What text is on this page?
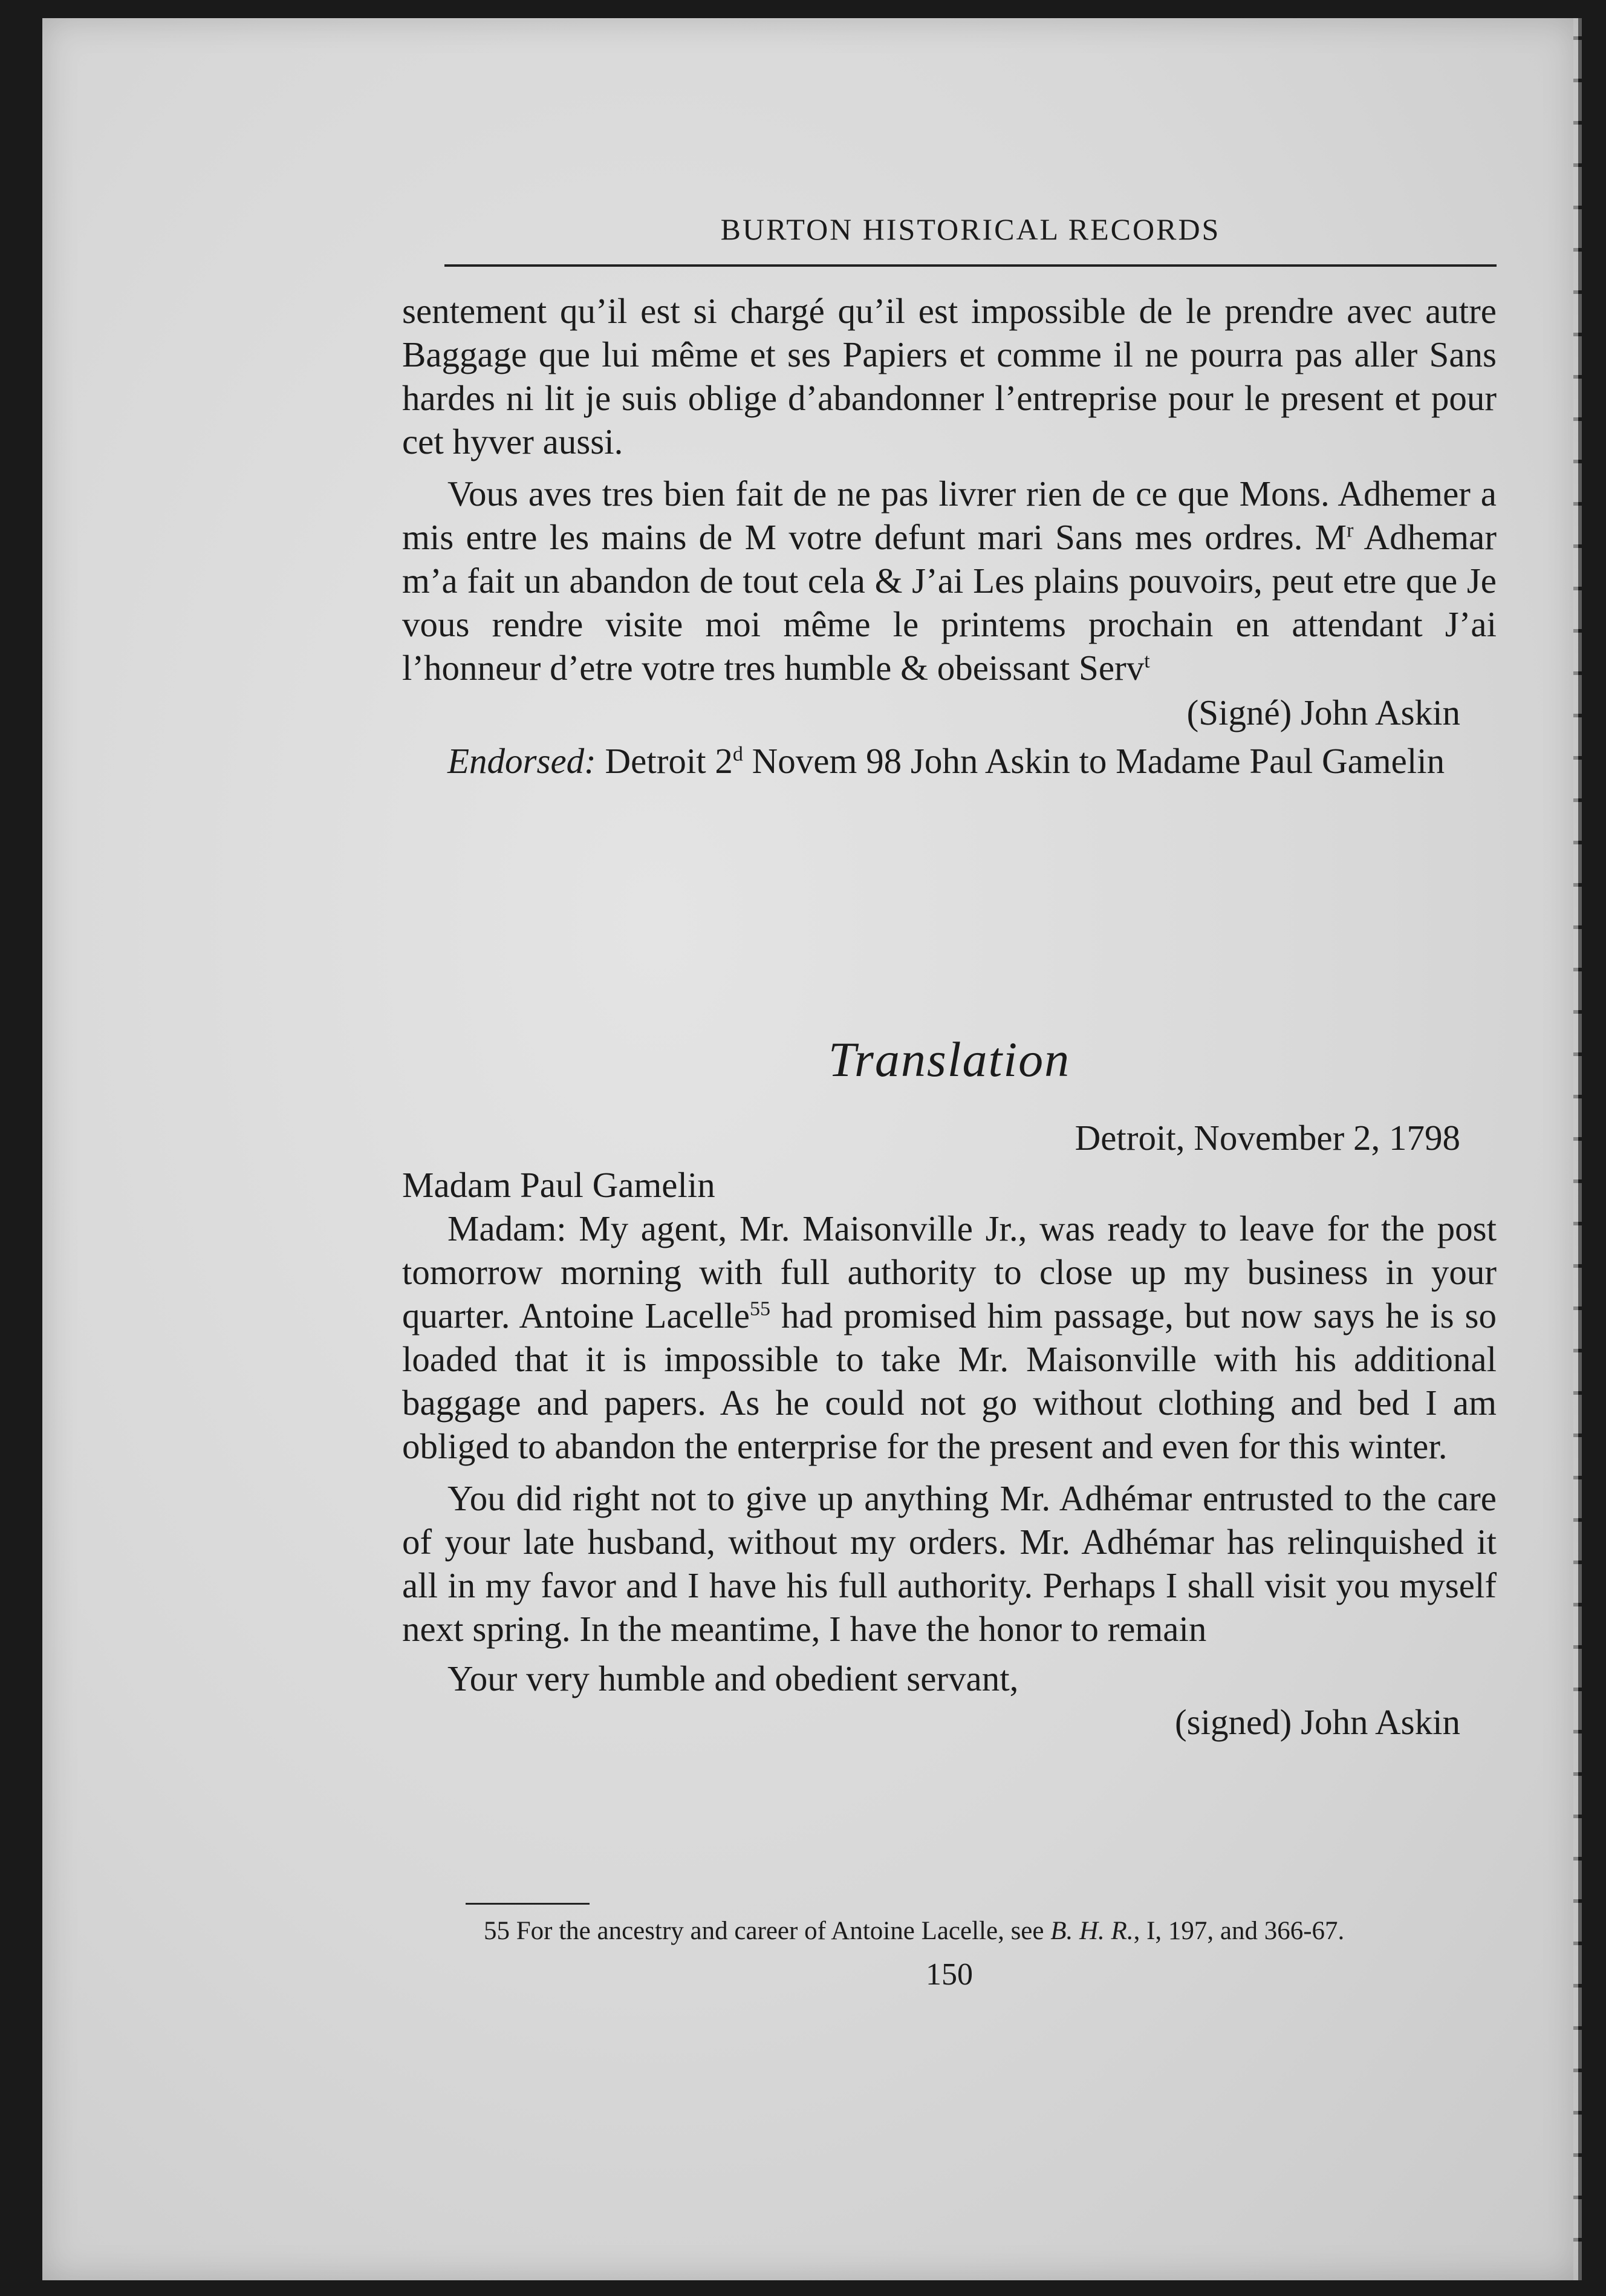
BURTON HISTORICAL RECORDS

sentement qu’il est si chargé qu’il est impossible de le prendre avec autre Baggage que lui même et ses Papiers et comme il ne pourra pas aller Sans hardes ni lit je suis oblige d’abandonner l’entreprise pour le present et pour cet hyver aussi.

Vous aves tres bien fait de ne pas livrer rien de ce que Mons. Adhemer a mis entre les mains de M votre defunt mari Sans mes ordres. $M^r$ Adhemar m’a fait un abandon de tout cela & J’ai Les plains pouvoirs, peut etre que Je vous rendre visite moi même le printems prochain en attendant J’ai l’honneur d’etre votre tres humble & obeissant Serv$^t$

(Signé) John Askin

Endorsed: Detroit 2$^d$ Novem 98 John Askin to Madame Paul Gamelin

Translation

Detroit, November 2, 1798

Madam Paul Gamelin

Madam: My agent, Mr. Maisonville Jr., was ready to leave for the post tomorrow morning with full authority to close up my business in your quarter. Antoine Lacelle$^{55}$ had promised him passage, but now says he is so loaded that it is impossible to take Mr. Maisonville with his additional baggage and papers. As he could not go without clothing and bed I am obliged to abandon the enterprise for the present and even for this winter.

You did right not to give up anything Mr. Adhémar entrusted to the care of your late husband, without my orders. Mr. Adhémar has relinquished it all in my favor and I have his full authority. Perhaps I shall visit you myself next spring. In the meantime, I have the honor to remain

Your very humble and obedient servant,

(signed) John Askin

55 For the ancestry and career of Antoine Lacelle, see B. H. R., I, 197, and 366-67.
150
